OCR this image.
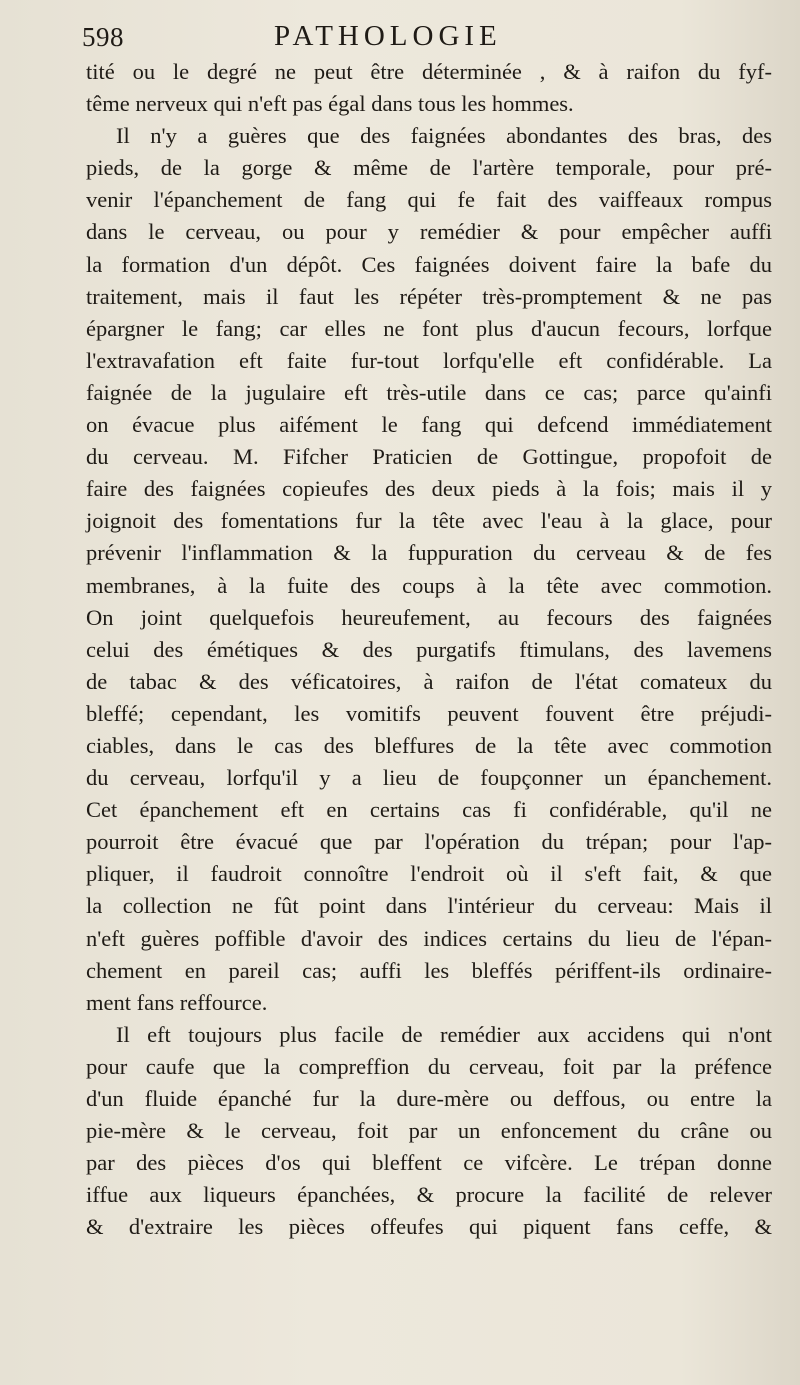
598	PATHOLOGIE
tité ou le degré ne peut être déterminée , & à raifon du fyf-
tême nerveux qui n'eft pas égal dans tous les hommes.
Il n'y a guères que des faignées abondantes des bras, des
pieds, de la gorge & même de l'artère temporale, pour pré-
venir l'épanchement de fang qui fe fait des vaiffeaux rompus
dans le cerveau, ou pour y remédier & pour empêcher auffi
la formation d'un dépôt. Ces faignées doivent faire la bafe du
traitement, mais il faut les répéter très-promptement & ne pas
épargner le fang; car elles ne font plus d'aucun fecours, lorfque
l'extravafation eft faite fur-tout lorfqu'elle eft confidérable. La
faignée de la jugulaire eft très-utile dans ce cas; parce qu'ainfi
on évacue plus aifément le fang qui defcend immédiatement
du cerveau. M. Fifcher Praticien de Gottingue, propofoit de
faire des faignées copieufes des deux pieds à la fois; mais il y
joignoit des fomentations fur la tête avec l'eau à la glace, pour
prévenir l'inflammation & la fuppuration du cerveau & de fes
membranes, à la fuite des coups à la tête avec commotion.
On joint quelquefois heureufement, au fecours des faignées
celui des émétiques & des purgatifs ftimulans, des lavemens
de tabac & des véficatoires, à raifon de l'état comateux du
bleffé; cependant, les vomitifs peuvent fouvent être préjudi-
ciables, dans le cas des bleffures de la tête avec commotion
du cerveau, lorfqu'il y a lieu de foupçonner un épanchement.
Cet épanchement eft en certains cas fi confidérable, qu'il ne
pourroit être évacué que par l'opération du trépan; pour l'ap-
pliquer, il faudroit connoître l'endroit où il s'eft fait, & que
la collection ne fût point dans l'intérieur du cerveau: Mais il
n'eft guères poffible d'avoir des indices certains du lieu de l'épan-
chement en pareil cas; auffi les bleffés périffent-ils ordinaire-
ment fans reffource.
Il eft toujours plus facile de remédier aux accidens qui n'ont
pour caufe que la compreffion du cerveau, foit par la préfence
d'un fluide épanché fur la dure-mère ou deffous, ou entre la
pie-mère & le cerveau, foit par un enfoncement du crâne ou
par des pièces d'os qui bleffent ce vifcère. Le trépan donne
iffue aux liqueurs épanchées, & procure la facilité de relever
& d'extraire les pièces offeufes qui piquent fans ceffe, &
